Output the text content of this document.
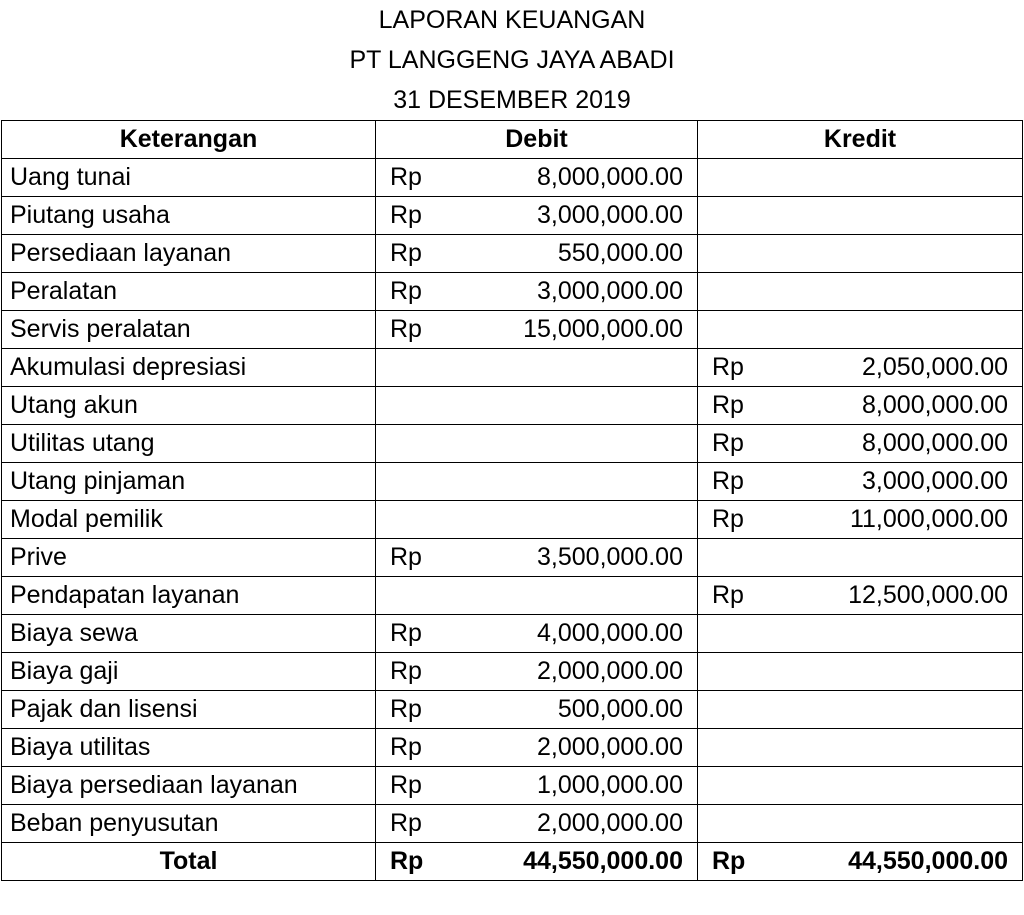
LAPORAN KEUANGAN
PT LANGGENG JAYA ABADI
31 DESEMBER 2019
Keterangan	Debit		Kredit	
Uang tunai	Rp	8,000,000.00		
Piutang usaha	Rp	3,000,000.00		
Persediaan layanan	Rp	550,000.00		
Peralatan	Rp	3,000,000.00		
Servis peralatan	Rp	15,000,000.00		
Akumulasi depresiasi			Rp	2,050,000.00
Utang akun			Rp	8,000,000.00
Utilitas utang			Rp	8,000,000.00
Utang pinjaman			Rp	3,000,000.00
Modal pemilik			Rp	11,000,000.00
Prive	Rp	3,500,000.00		
Pendapatan layanan			Rp	12,500,000.00
Biaya sewa	Rp	4,000,000.00		
Biaya gaji	Rp	2,000,000.00		
Pajak dan lisensi	Rp	500,000.00		
Biaya utilitas	Rp	2,000,000.00		
Biaya persediaan layanan	Rp	1,000,000.00		
Beban penyusutan	Rp	2,000,000.00		
Total	Rp	44,550,000.00	Rp	44,550,000.00
